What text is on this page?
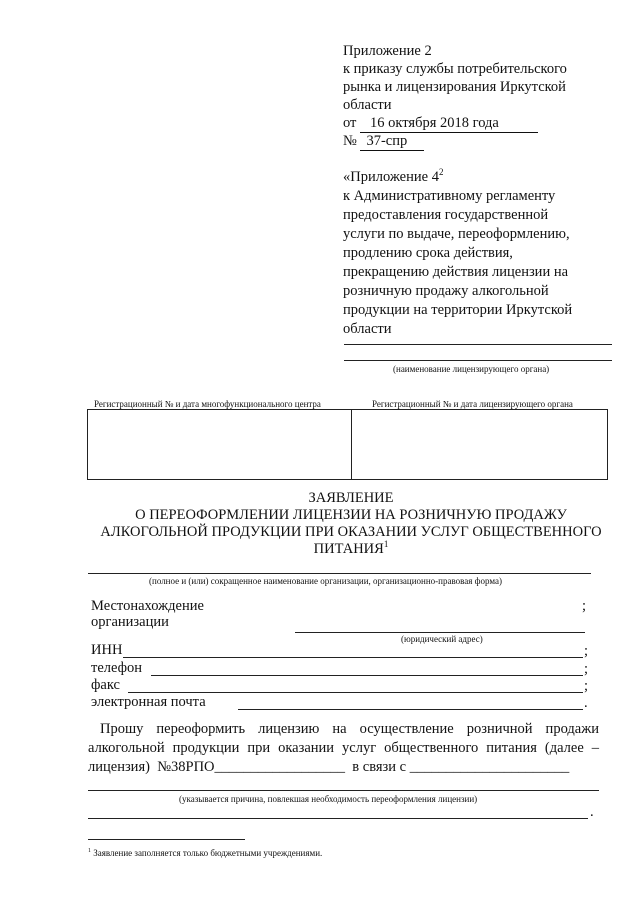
Приложение 2
к приказу службы потребительского
рынка и лицензирования Иркутской
области
от 16 октября 2018 года
№ 37-спр
«Приложение $4^2$
к Административному регламенту
предоставления государственной
услуги по выдаче, переоформлению,
продлению срока действия,
прекращению действия лицензии на
розничную продажу алкогольной
продукции на территории Иркутской
области
(наименование лицензирующего органа)
Регистрационный № и дата многофункционального центра	Регистрационный № и дата лицензирующего органа
ЗАЯВЛЕНИЕ
О ПЕРЕОФОРМЛЕНИИ ЛИЦЕНЗИИ НА РОЗНИЧНУЮ ПРОДАЖУ
АЛКОГОЛЬНОЙ ПРОДУКЦИИ ПРИ ОКАЗАНИИ УСЛУГ ОБЩЕСТВЕННОГО
ПИТАНИЯ$^1$
(полное и (или) сокращенное наименование организации, организационно-правовая форма)
Местонахождение
организации
;
(юридический адрес)
ИНН	;
телефон	;
факс	;
электронная почта	.
Прошу переоформить лицензию на осуществление розничной продажи алкогольной продукции при оказании услуг общественного питания (далее – лицензия) №38РПО__________________ в связи с ______________________
(указывается причина, повлекшая необходимость переоформления лицензии)
.
$^1$ Заявление заполняется только бюджетными учреждениями.
